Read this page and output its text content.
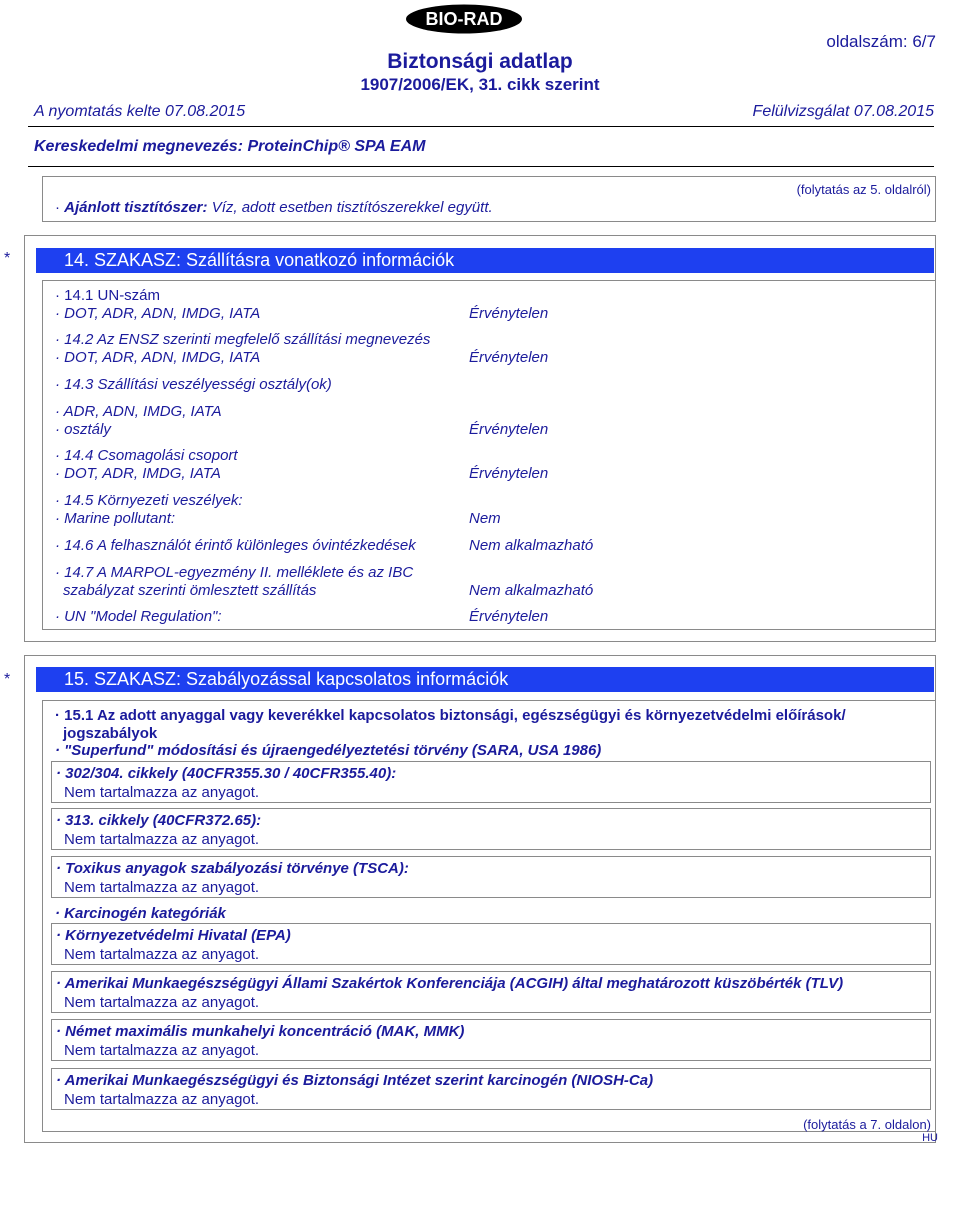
BIO-RAD
oldalszám: 6/7
Biztonsági adatlap
1907/2006/EK, 31. cikk szerint
A nyomtatás kelte 07.08.2015	Felülvizsgálat 07.08.2015
Kereskedelmi megnevezés: ProteinChip® SPA EAM
(folytatás az 5. oldalról)
· Ajánlott tisztítószer: Víz, adott esetben tisztítószerekkel együtt.
*	14. SZAKASZ: Szállításra vonatkozó információk
· 14.1 UN-szám
· DOT, ADR, ADN, IMDG, IATA	Érvénytelen
· 14.2 Az ENSZ szerinti megfelelő szállítási megnevezés
· DOT, ADR, ADN, IMDG, IATA	Érvénytelen
· 14.3 Szállítási veszélyességi osztály(ok)
· ADR, ADN, IMDG, IATA
· osztály	Érvénytelen
· 14.4 Csomagolási csoport
· DOT, ADR, IMDG, IATA	Érvénytelen
· 14.5 Környezeti veszélyek:
· Marine pollutant:	Nem
· 14.6 A felhasználót érintő különleges óvintézkedések	Nem alkalmazható
· 14.7 A MARPOL-egyezmény II. melléklete és az IBC
szabályzat szerinti ömlesztett szállítás	Nem alkalmazható
· UN "Model Regulation":	Érvénytelen
*	15. SZAKASZ: Szabályozással kapcsolatos információk
· 15.1 Az adott anyaggal vagy keverékkel kapcsolatos biztonsági, egészségügyi és környezetvédelmi előírások/
jogszabályok
· "Superfund" módosítási és újraengedélyeztetési törvény (SARA, USA 1986)
· 302/304. cikkely (40CFR355.30 / 40CFR355.40):
Nem tartalmazza az anyagot.
· 313. cikkely (40CFR372.65):
Nem tartalmazza az anyagot.
· Toxikus anyagok szabályozási törvénye (TSCA):
Nem tartalmazza az anyagot.
· Karcinogén kategóriák
· Környezetvédelmi Hivatal (EPA)
Nem tartalmazza az anyagot.
· Amerikai Munkaegészségügyi Állami Szakértok Konferenciája (ACGIH) által meghatározott küszöbérték (TLV)
Nem tartalmazza az anyagot.
· Német maximális munkahelyi koncentráció (MAK, MMK)
Nem tartalmazza az anyagot.
· Amerikai Munkaegészségügyi és Biztonsági Intézet szerint karcinogén (NIOSH-Ca)
Nem tartalmazza az anyagot.
(folytatás a 7. oldalon)
HU
